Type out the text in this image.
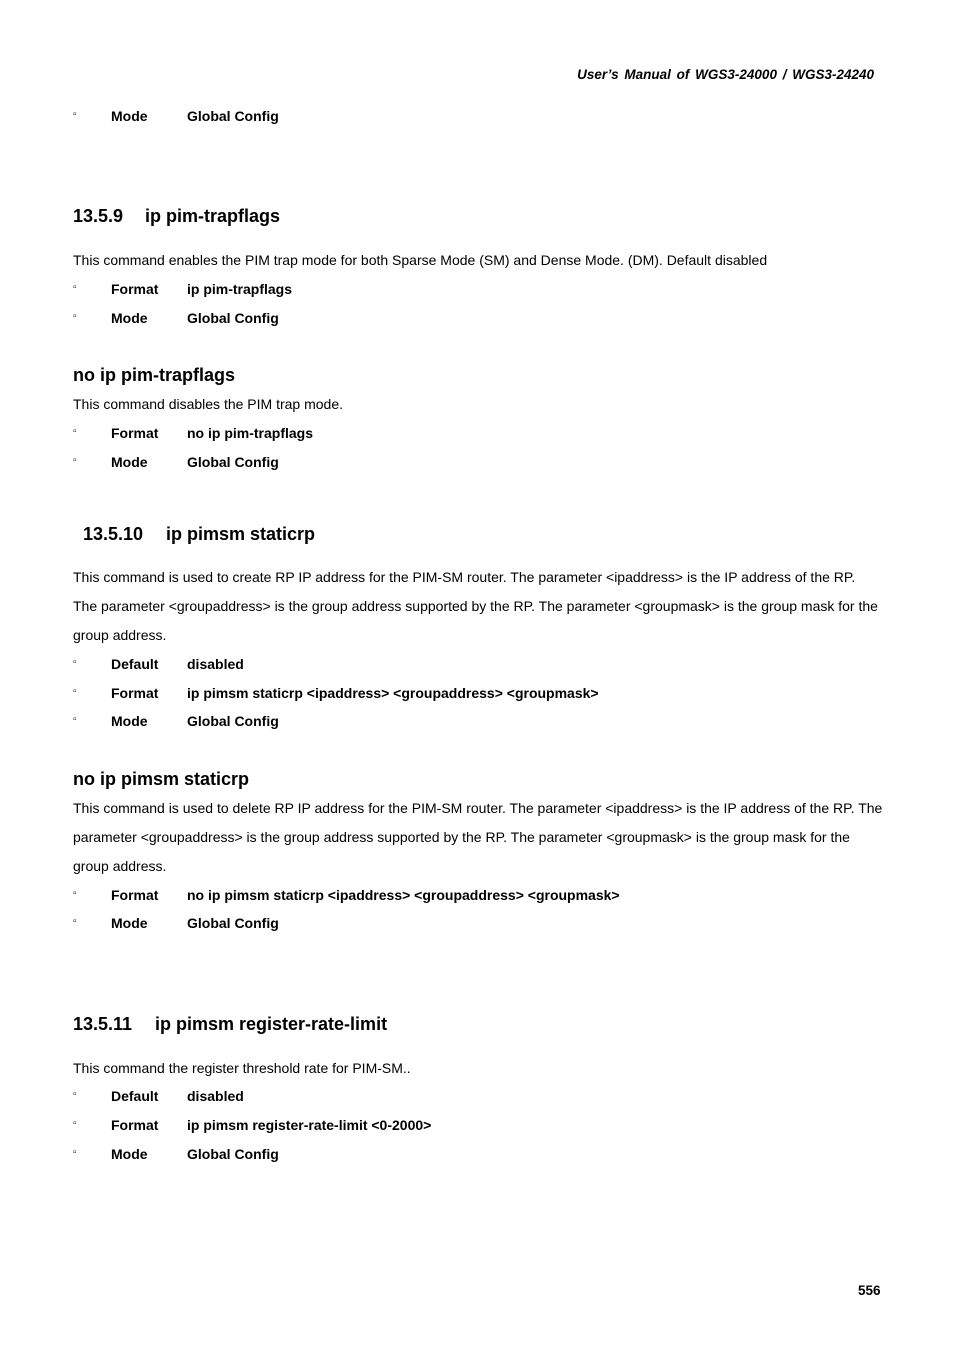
User’s Manual of WGS3-24000 / WGS3-24240
▫ Mode	Global Config
13.5.9 ip pim-trapflags

This command enables the PIM trap mode for both Sparse Mode (SM) and Dense Mode. (DM). Default disabled

▫ Format ip pim-trapflags
▫ Mode	Global Config
no ip pim-trapflags

This command disables the PIM trap mode.

▫ Format no ip pim-trapflags
▫ Mode	Global Config
13.5.10 ip pimsm staticrp

This command is used to create RP IP address for the PIM-SM router. The parameter <ipaddress> is the IP address of the RP. The parameter <groupaddress> is the group address supported by the RP. The parameter <groupmask> is the group mask for the group address.

▫ Default disabled
▫ Format ip pimsm staticrp <ipaddress> <groupaddress> <groupmask>
▫ Mode	Global Config
no ip pimsm staticrp

This command is used to delete RP IP address for the PIM-SM router. The parameter <ipaddress> is the IP address of the RP. The parameter <groupaddress> is the group address supported by the RP. The parameter <groupmask> is the group mask for the group address.

▫ Format no ip pimsm staticrp <ipaddress> <groupaddress> <groupmask>
▫ Mode	Global Config
13.5.11 ip pimsm register-rate-limit

This command the register threshold rate for PIM-SM..

▫ Default disabled
▫ Format ip pimsm register-rate-limit <0-2000>
▫ Mode	Global Config
556
